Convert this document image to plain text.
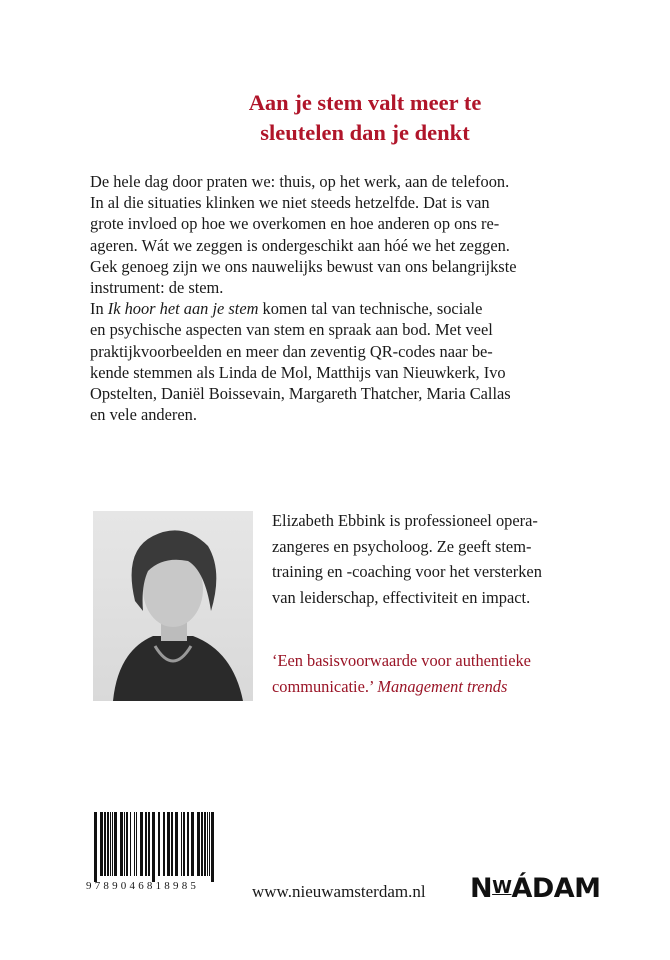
Aan je stem valt meer te
sleutelen dan je denkt
De hele dag door praten we: thuis, op het werk, aan de telefoon.
In al die situaties klinken we niet steeds hetzelfde. Dat is van
grote invloed op hoe we overkomen en hoe anderen op ons re-
ageren. Wát we zeggen is ondergeschikt aan hóé we het zeggen.
Gek genoeg zijn we ons nauwelijks bewust van ons belangrijkste
instrument: de stem.
In Ik hoor het aan je stem komen tal van technische, sociale
en psychische aspecten van stem en spraak aan bod. Met veel
praktijkvoorbeelden en meer dan zeventig QR-codes naar be-
kende stemmen als Linda de Mol, Matthijs van Nieuwkerk, Ivo
Opstelten, Daniël Boissevain, Margareth Thatcher, Maria Callas
en vele anderen.
Elizabeth Ebbink is professioneel opera-
zangeres en psycholoog. Ze geeft stem-
training en -coaching voor het versterken
van leiderschap, effectiviteit en impact.
‘Een basisvoorwaarde voor authentieke
communicatie.’ Management trends
9789046818985	www.nieuwamsterdam.nl NWÁDAM
